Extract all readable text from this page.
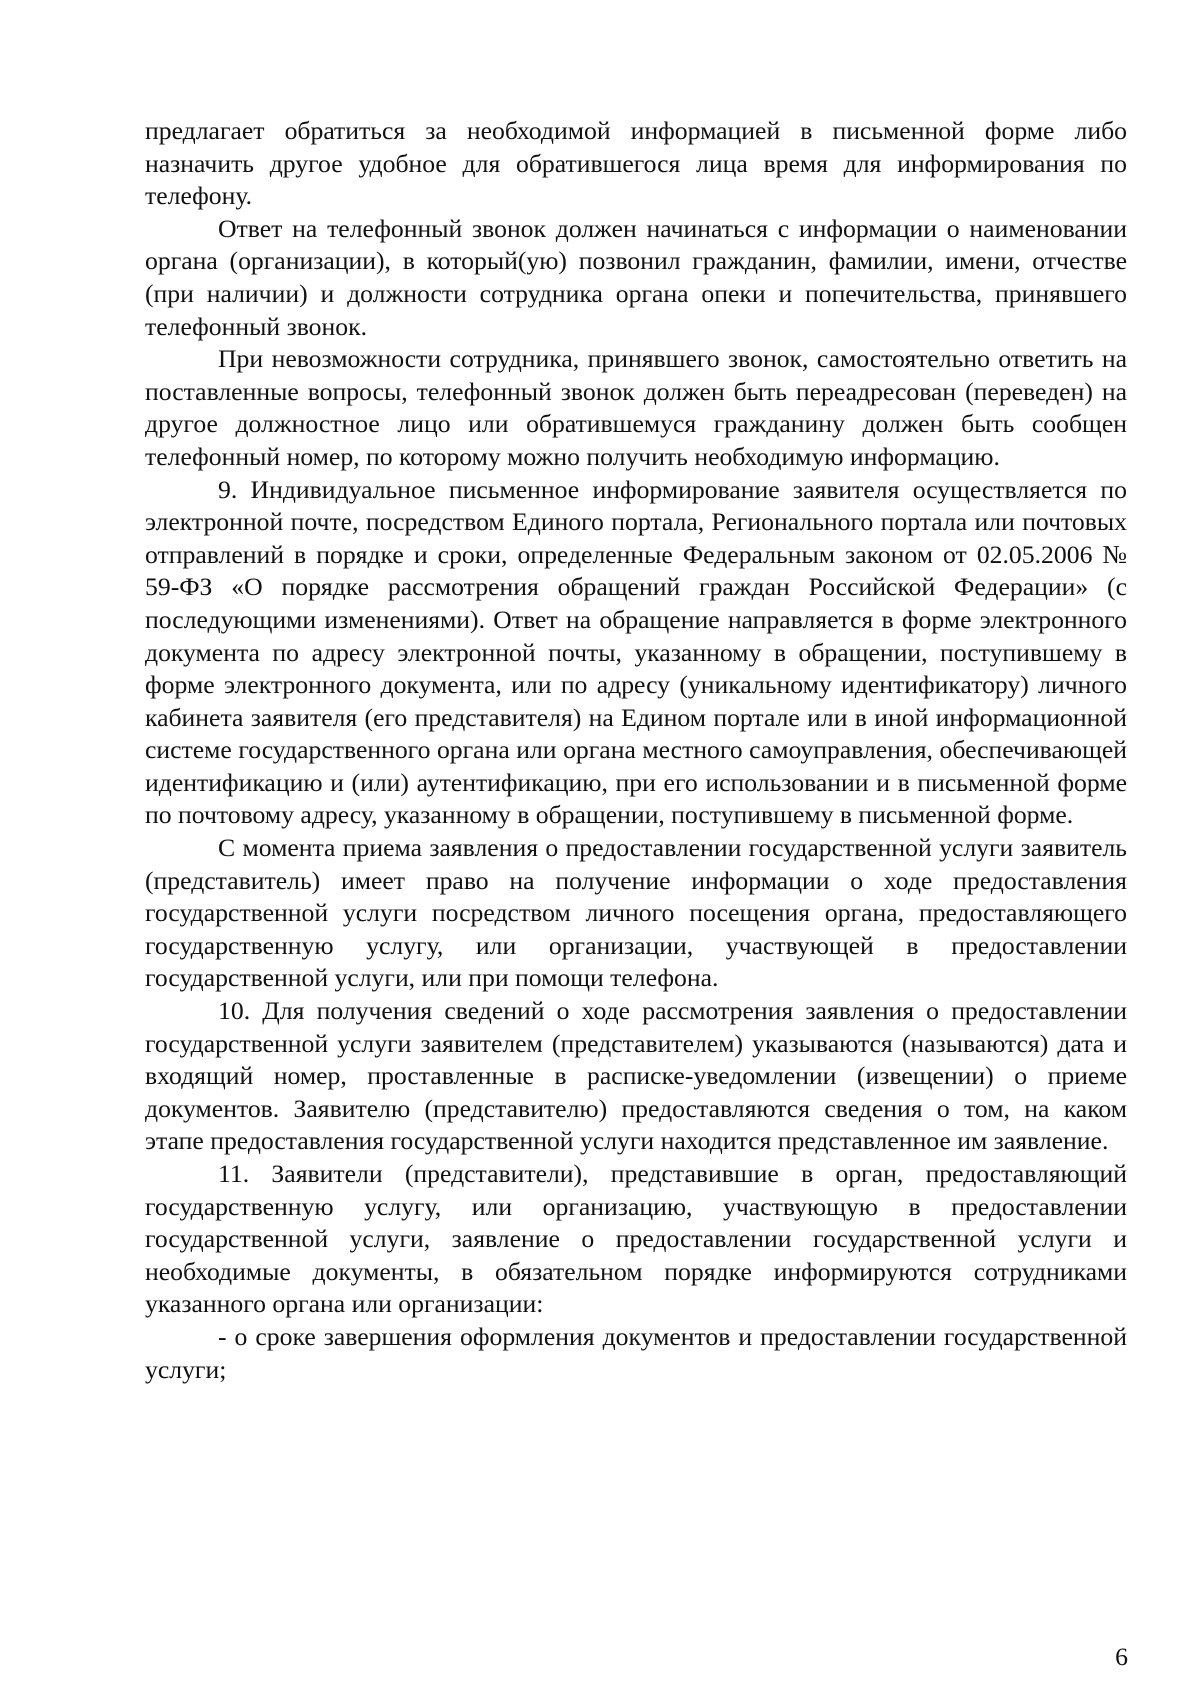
предлагает обратиться за необходимой информацией в письменной форме либо назначить другое удобное для обратившегося лица время для информирования по телефону.

Ответ на телефонный звонок должен начинаться с информации о наименовании органа (организации), в который(ую) позвонил гражданин, фамилии, имени, отчестве (при наличии) и должности сотрудника органа опеки и попечительства, принявшего телефонный звонок.

При невозможности сотрудника, принявшего звонок, самостоятельно ответить на поставленные вопросы, телефонный звонок должен быть переадресован (переведен) на другое должностное лицо или обратившемуся гражданину должен быть сообщен телефонный номер, по которому можно получить необходимую информацию.

9. Индивидуальное письменное информирование заявителя осуществляется по электронной почте, посредством Единого портала, Регионального портала или почтовых отправлений в порядке и сроки, определенные Федеральным законом от 02.05.2006 № 59-ФЗ «О порядке рассмотрения обращений граждан Российской Федерации» (с последующими изменениями). Ответ на обращение направляется в форме электронного документа по адресу электронной почты, указанному в обращении, поступившему в форме электронного документа, или по адресу (уникальному идентификатору) личного кабинета заявителя (его представителя) на Едином портале или в иной информационной системе государственного органа или органа местного самоуправления, обеспечивающей идентификацию и (или) аутентификацию, при его использовании и в письменной форме по почтовому адресу, указанному в обращении, поступившему в письменной форме.

С момента приема заявления о предоставлении государственной услуги заявитель (представитель) имеет право на получение информации о ходе предоставления государственной услуги посредством личного посещения органа, предоставляющего государственную услугу, или организации, участвующей в предоставлении государственной услуги, или при помощи телефона.

10. Для получения сведений о ходе рассмотрения заявления о предоставлении государственной услуги заявителем (представителем) указываются (называются) дата и входящий номер, проставленные в расписке-уведомлении (извещении) о приеме документов. Заявителю (представителю) предоставляются сведения о том, на каком этапе предоставления государственной услуги находится представленное им заявление.

11. Заявители (представители), представившие в орган, предоставляющий государственную услугу, или организацию, участвующую в предоставлении государственной услуги, заявление о предоставлении государственной услуги и необходимые документы, в обязательном порядке информируются сотрудниками указанного органа или организации:

- о сроке завершения оформления документов и предоставлении государственной услуги;

6
